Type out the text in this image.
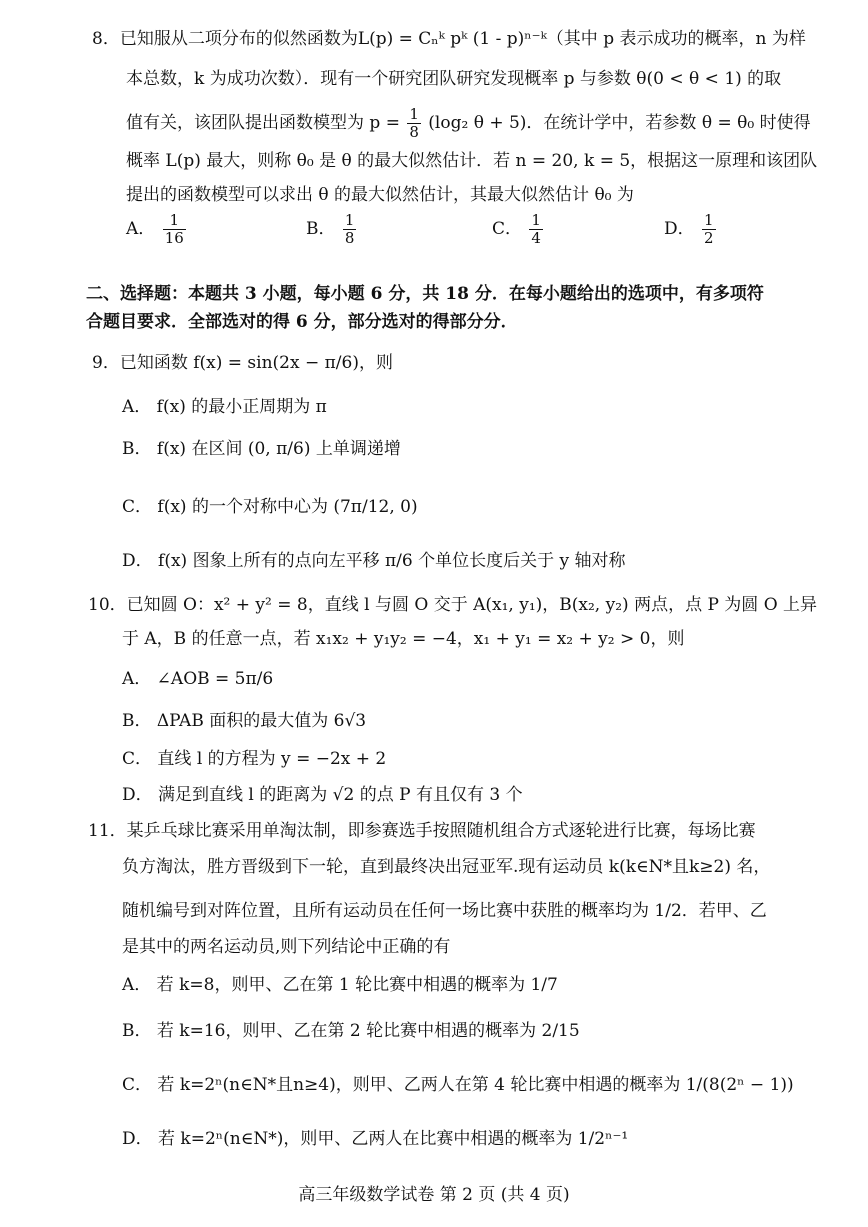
8．已知服从二项分布的似然函数为L(p) = Cₙᵏ pᵏ (1 - p)ⁿ⁻ᵏ（其中 p 表示成功的概率，n 为样
本总数，k 为成功次数）．现有一个研究团队研究发现概率 p 与参数 θ(0 < θ < 1) 的取
值有关，该团队提出函数模型为 $p = \frac{1}{8} (\log_2$ θ + 5)．在统计学中，若参数 θ = θ₀ 时使得
概率 L(p) 最大，则称 θ₀ 是 θ 的最大似然估计．若 n = 20, k = 5，根据这一原理和该团队
提出的函数模型可以求出 θ 的最大似然估计，其最大似然估计 θ₀ 为
A． $\frac{1}{16}$	B． $\frac{1}{8}$	C． $\frac{1}{4}$	D． $\frac{1}{2}$
二、选择题：本题共 3 小题，每小题 6 分，共 18 分．在每小题给出的选项中，有多项符
合题目要求．全部选对的得 6 分，部分选对的得部分分．
9．已知函数 f(x) = sin(2x − π/6)，则
A． f(x) 的最小正周期为 π
B． f(x) 在区间 (0, π/6) 上单调递增
C． f(x) 的一个对称中心为 (7π/12, 0)
D． f(x) 图象上所有的点向左平移 π/6 个单位长度后关于 y 轴对称
10．已知圆 O：x² + y² = 8，直线 l 与圆 O 交于 A(x₁, y₁)，B(x₂, y₂) 两点，点 P 为圆 O 上异
于 A，B 的任意一点，若 x₁x₂ + y₁y₂ = −4，x₁ + y₁ = x₂ + y₂ > 0，则
A． ∠AOB = 5π/6
B． ΔPAB 面积的最大值为 6√3
C． 直线 l 的方程为 y = −2x + 2
D． 满足到直线 l 的距离为 √2 的点 P 有且仅有 3 个
11．某乒乓球比赛采用单淘汰制，即参赛选手按照随机组合方式逐轮进行比赛，每场比赛
负方淘汰，胜方晋级到下一轮，直到最终决出冠亚军.现有运动员 k(k∈N*且k≥2) 名，
随机编号到对阵位置，且所有运动员在任何一场比赛中获胜的概率均为 1/2．若甲、乙
是其中的两名运动员,则下列结论中正确的有
A． 若 k=8，则甲、乙在第 1 轮比赛中相遇的概率为 1/7
B． 若 k=16，则甲、乙在第 2 轮比赛中相遇的概率为 2/15
C． 若 k=2ⁿ(n∈N*且n≥4)，则甲、乙两人在第 4 轮比赛中相遇的概率为 1/(8(2ⁿ − 1))
D． 若 k=2ⁿ(n∈N*)，则甲、乙两人在比赛中相遇的概率为 1/2ⁿ⁻¹
高三年级数学试卷 第 2 页 (共 4 页)
